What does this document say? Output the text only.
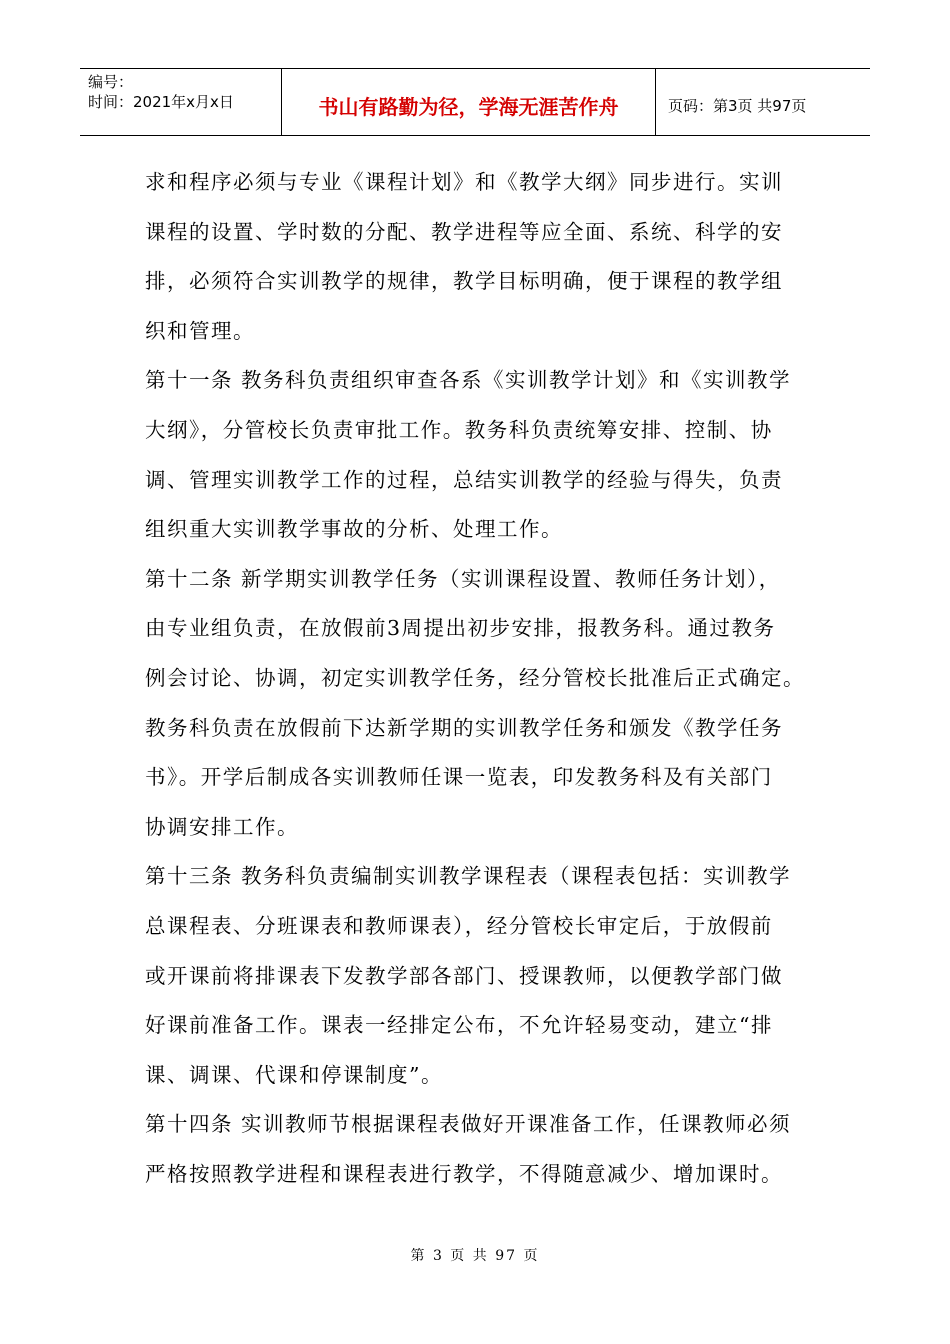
编号：
时间：2021年x月x日	书山有路勤为径，学海无涯苦作舟	页码：第3页 共97页
求和程序必须与专业《课程计划》和《教学大纲》同步进行。实训
课程的设置、学时数的分配、教学进程等应全面、系统、科学的安
排，必须符合实训教学的规律，教学目标明确，便于课程的教学组
织和管理。
第十一条 教务科负责组织审查各系《实训教学计划》和《实训教学
大纲》，分管校长负责审批工作。教务科负责统筹安排、控制、协
调、管理实训教学工作的过程，总结实训教学的经验与得失，负责
组织重大实训教学事故的分析、处理工作。
第十二条 新学期实训教学任务（实训课程设置、教师任务计划），
由专业组负责，在放假前3周提出初步安排，报教务科。通过教务
例会讨论、协调，初定实训教学任务，经分管校长批准后正式确定。
教务科负责在放假前下达新学期的实训教学任务和颁发《教学任务
书》。开学后制成各实训教师任课一览表，印发教务科及有关部门
协调安排工作。
第十三条 教务科负责编制实训教学课程表（课程表包括：实训教学
总课程表、分班课表和教师课表），经分管校长审定后，于放假前
或开课前将排课表下发教学部各部门、授课教师，以便教学部门做
好课前准备工作。课表一经排定公布，不允许轻易变动，建立“排
课、调课、代课和停课制度”。
第十四条 实训教师节根据课程表做好开课准备工作，任课教师必须
严格按照教学进程和课程表进行教学，不得随意减少、增加课时。
第 3 页 共 97 页
